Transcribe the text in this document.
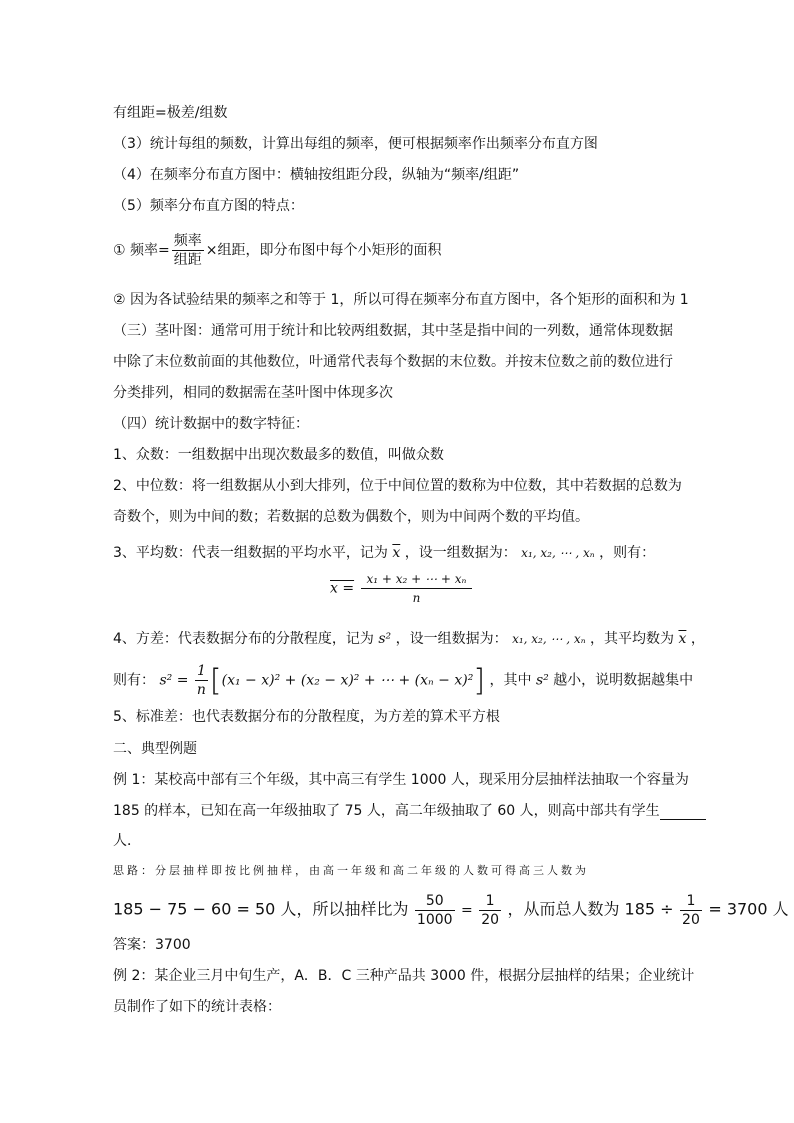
有组距=极差/组数
（3）统计每组的频数，计算出每组的频率，便可根据频率作出频率分布直方图
（4）在频率分布直方图中：横轴按组距分段，纵轴为“频率/组距”
（5）频率分布直方图的特点：
① 频率= $\frac{\text{频率}}{\text{组距}}$ ×组距，即分布图中每个小矩形的面积
② 因为各试验结果的频率之和等于 1，所以可得在频率分布直方图中，各个矩形的面积和为 1
（三）茎叶图：通常可用于统计和比较两组数据，其中茎是指中间的一列数，通常体现数据
中除了末位数前面的其他数位，叶通常代表每个数据的末位数。并按末位数之前的数位进行
分类排列，相同的数据需在茎叶图中体现多次
（四）统计数据中的数字特征：
1、众数：一组数据中出现次数最多的数值，叫做众数
2、中位数：将一组数据从小到大排列，位于中间位置的数称为中位数，其中若数据的总数为
奇数个，则为中间的数；若数据的总数为偶数个，则为中间两个数的平均值。
3、平均数：代表一组数据的平均水平，记为 $\overline{x}$ ，设一组数据为： x₁, x₂, ⋯ , xₙ ，则有：
$x = \frac{\text{x₁ + x₂ + ⋯ + xₙ}}{n}$
4、方差：代表数据分布的分散程度，记为 s² ，设一组数据为： x₁, x₂, ⋯ , xₙ ，其平均数为 $\overline{x}$ ，
则有： $s^2 = \frac{1}{n} [(x_1 - x)^2 + (x_2 - x)^2$ + ⋯ + (xₙ − x)²] ，其中 s² 越小，说明数据越集中
5、标准差：也代表数据分布的分散程度，为方差的算术平方根
二、典型例题
例 1：某校高中部有三个年级，其中高三有学生 1000 人，现采用分层抽样法抽取一个容量为
185 的样本，已知在高一年级抽取了 75 人，高二年级抽取了 60 人，则高中部共有学生
人．
思路：分层抽样即按比例抽样，由高一年级和高二年级的人数可得高三人数为
185 − 75 − 60 = 50 人，所以抽样比为 $\frac{50}{1000} = \frac{1}{20}$ ，从而总人数为 $185 \div \frac{1}{20} = 3700$ 人
答案：3700
例 2：某企业三月中旬生产，A．B．C 三种产品共 3000 件，根据分层抽样的结果；企业统计
员制作了如下的统计表格：
